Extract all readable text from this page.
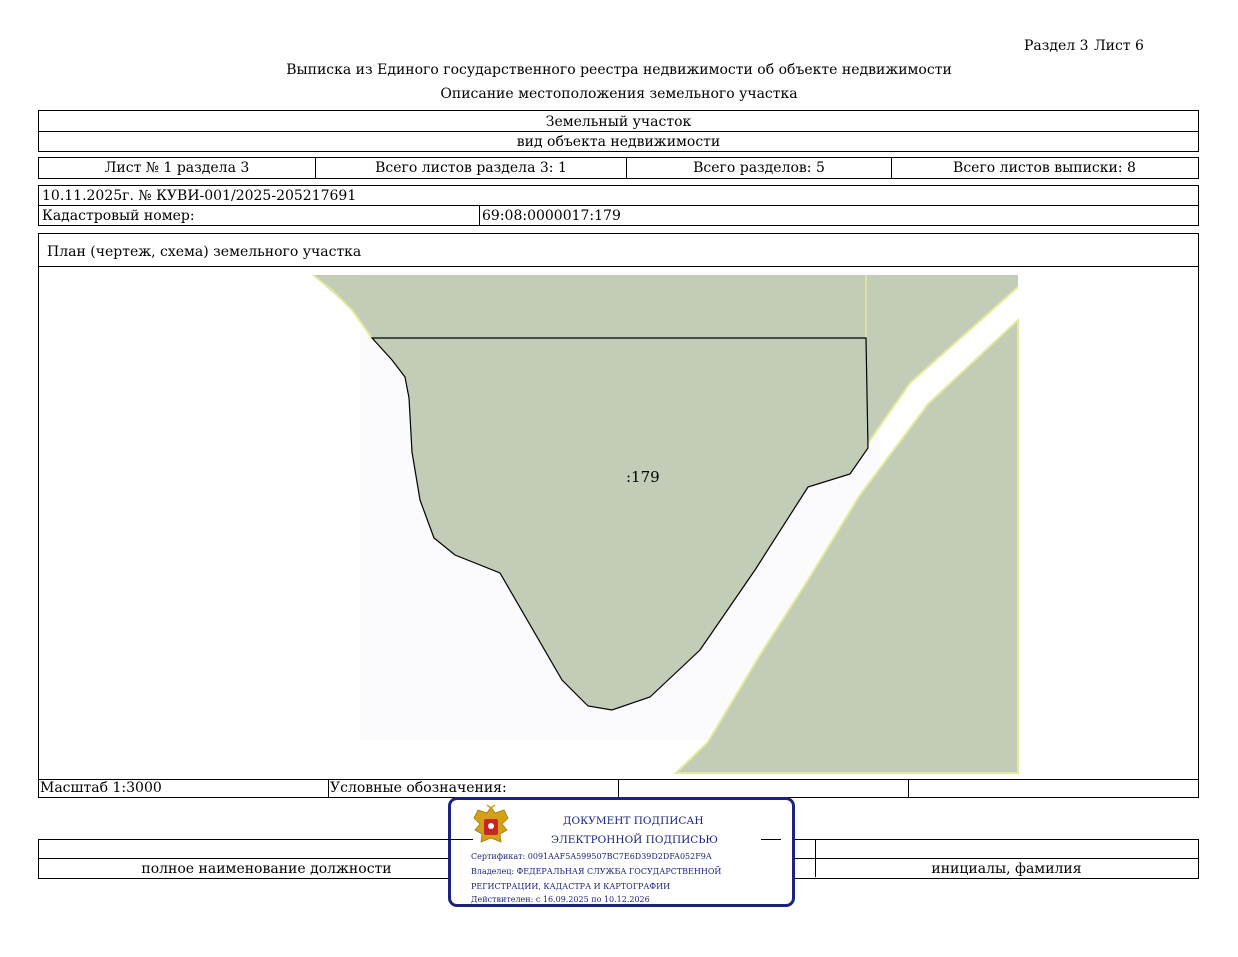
Раздел 3 Лист 6
Выписка из Единого государственного реестра недвижимости об объекте недвижимости
Описание местоположения земельного участка
Земельный участок
вид объекта недвижимости
Лист № 1 раздела 3	Всего листов раздела 3: 1	Всего разделов: 5	Всего листов выписки: 8
10.11.2025г. № КУВИ-001/2025-205217691
Кадастровый номер:	69:08:0000017:179
План (чертеж, схема) земельного участка
:179
Масштаб 1:3000	Условные обозначения:
полное наименование должности	инициалы, фамилия
ДОКУМЕНТ ПОДПИСАН
ЭЛЕКТРОННОЙ ПОДПИСЬЮ
Сертификат: 0091AAF5A599507BC7E6D39D2DFA052F9A
Владелец: ФЕДЕРАЛЬНАЯ СЛУЖБА ГОСУДАРСТВЕННОЙ
РЕГИСТРАЦИИ, КАДАСТРА И КАРТОГРАФИИ
Действителен: с 16.09.2025 по 10.12.2026
